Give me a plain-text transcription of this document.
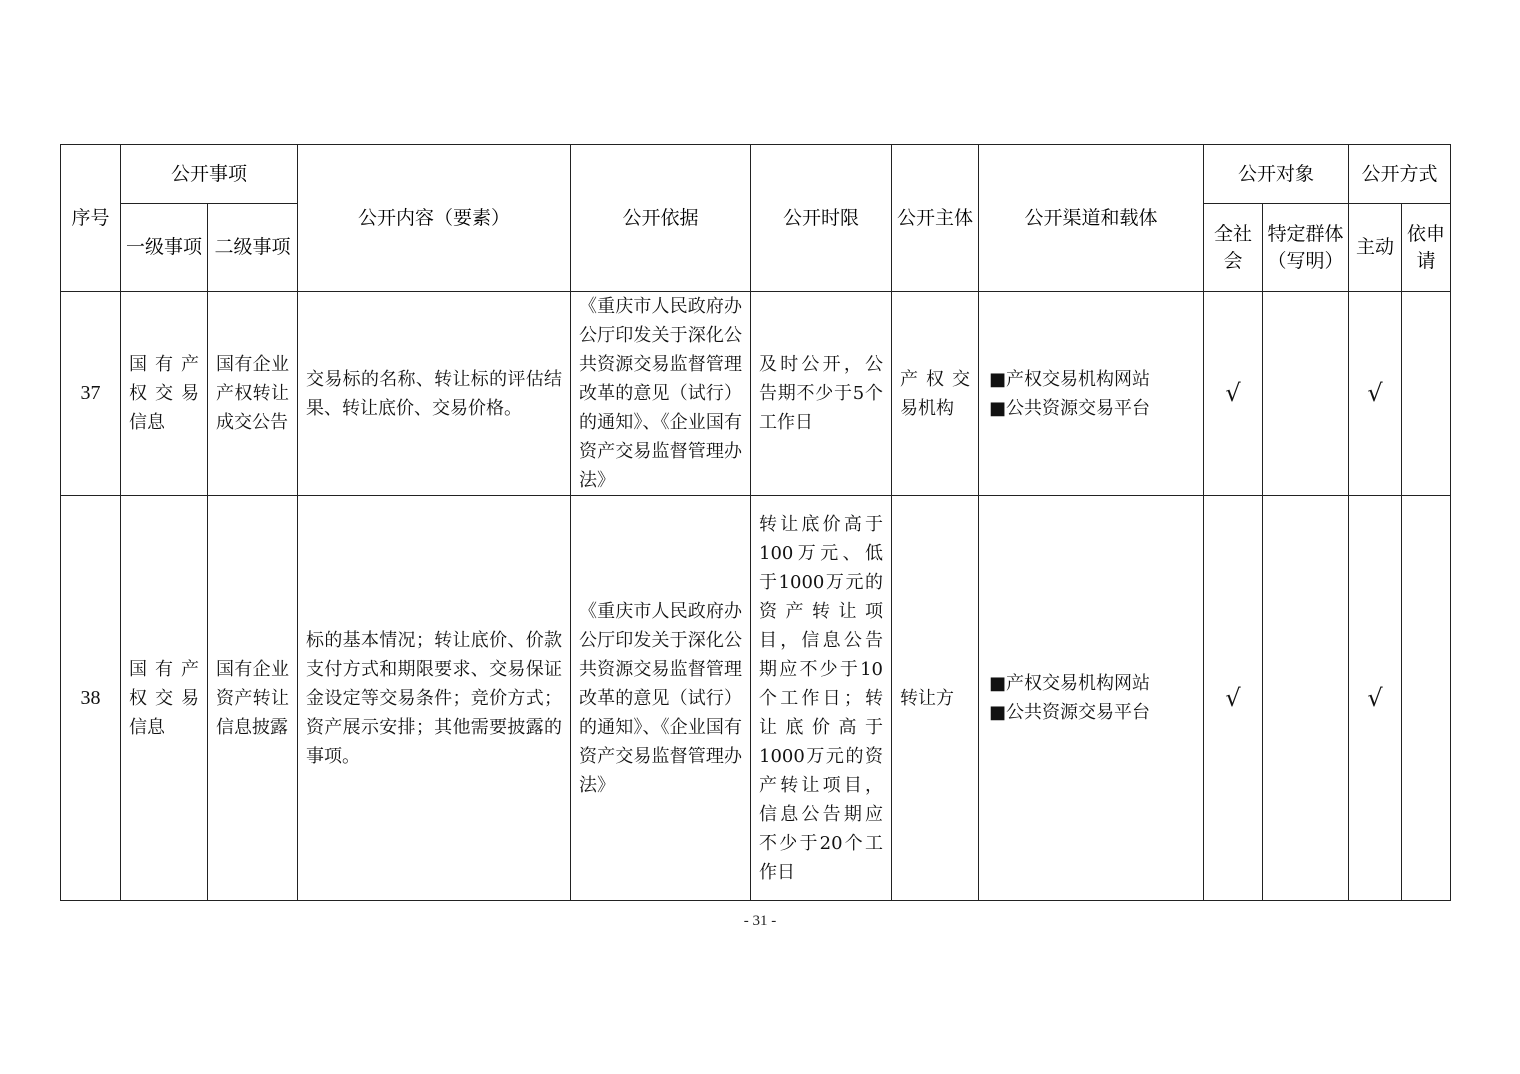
序号	公开事项		公开内容（要素）	公开依据	公开时限	公开主体	公开渠道和载体	公开对象		公开方式	
	一级事项	二级事项						全社会	特定群体（写明）	主动	依申请
37	国有产权交易信息	国有企业产权转让成交公告	交易标的名称、转让标的评估结果、转让底价、交易价格。	《重庆市人民政府办公厅印发关于深化公共资源交易监督管理改革的意见（试行）的通知》、《企业国有资产交易监督管理办法》	及时公开，公告期不少于5个工作日	产权交易机构	■产权交易机构网站
■公共资源交易平台	√		√	
38	国有产权交易信息	国有企业资产转让信息披露	标的基本情况；转让底价、价款支付方式和期限要求、交易保证金设定等交易条件；竞价方式；资产展示安排；其他需要披露的事项。	《重庆市人民政府办公厅印发关于深化公共资源交易监督管理改革的意见（试行）的通知》、《企业国有资产交易监督管理办法》	转让底价高于100万元、低于1000万元的资产转让项目，信息公告期应不少于10个工作日；转让底价高于1000万元的资产转让项目，信息公告期应不少于20个工作日	转让方	■产权交易机构网站
■公共资源交易平台	√		√	
- 31 -
